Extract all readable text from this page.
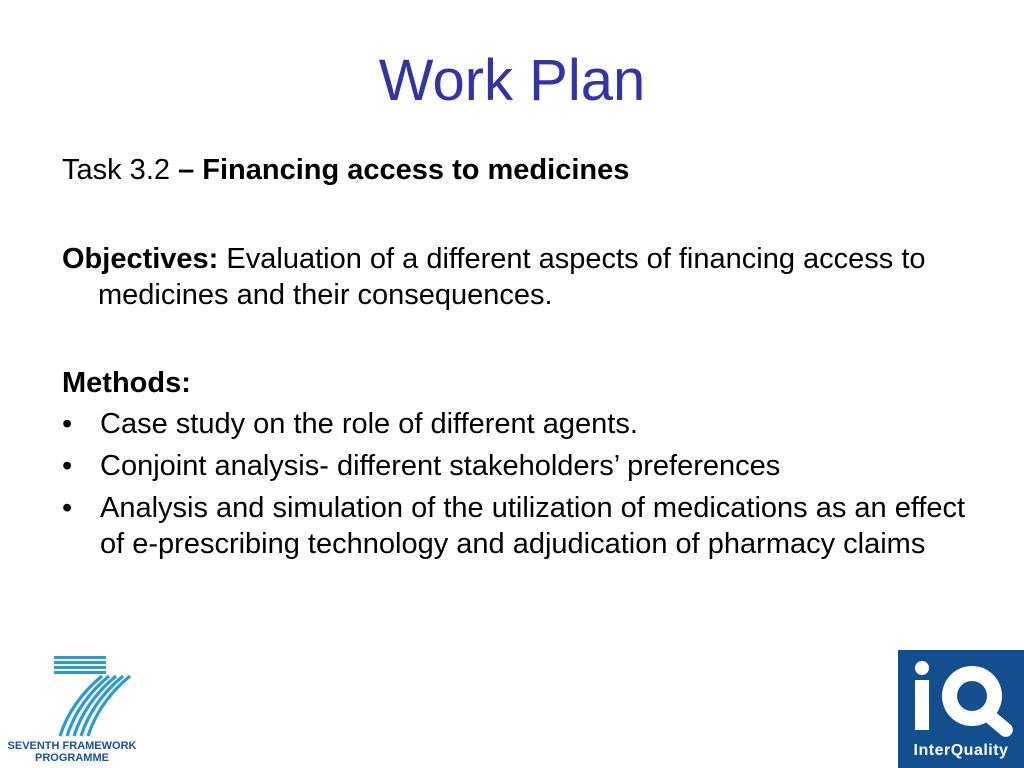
Work Plan
Task 3.2 – Financing access to medicines
Objectives: Evaluation of a different aspects of financing access to medicines and their consequences.
Methods:
• Case study on the role of different agents.
• Conjoint analysis- different stakeholders’ preferences
• Analysis and simulation of the utilization of medications as an effect of e-prescribing technology and adjudication of pharmacy claims
SEVENTH FRAMEWORK
PROGRAMME	InterQuality
